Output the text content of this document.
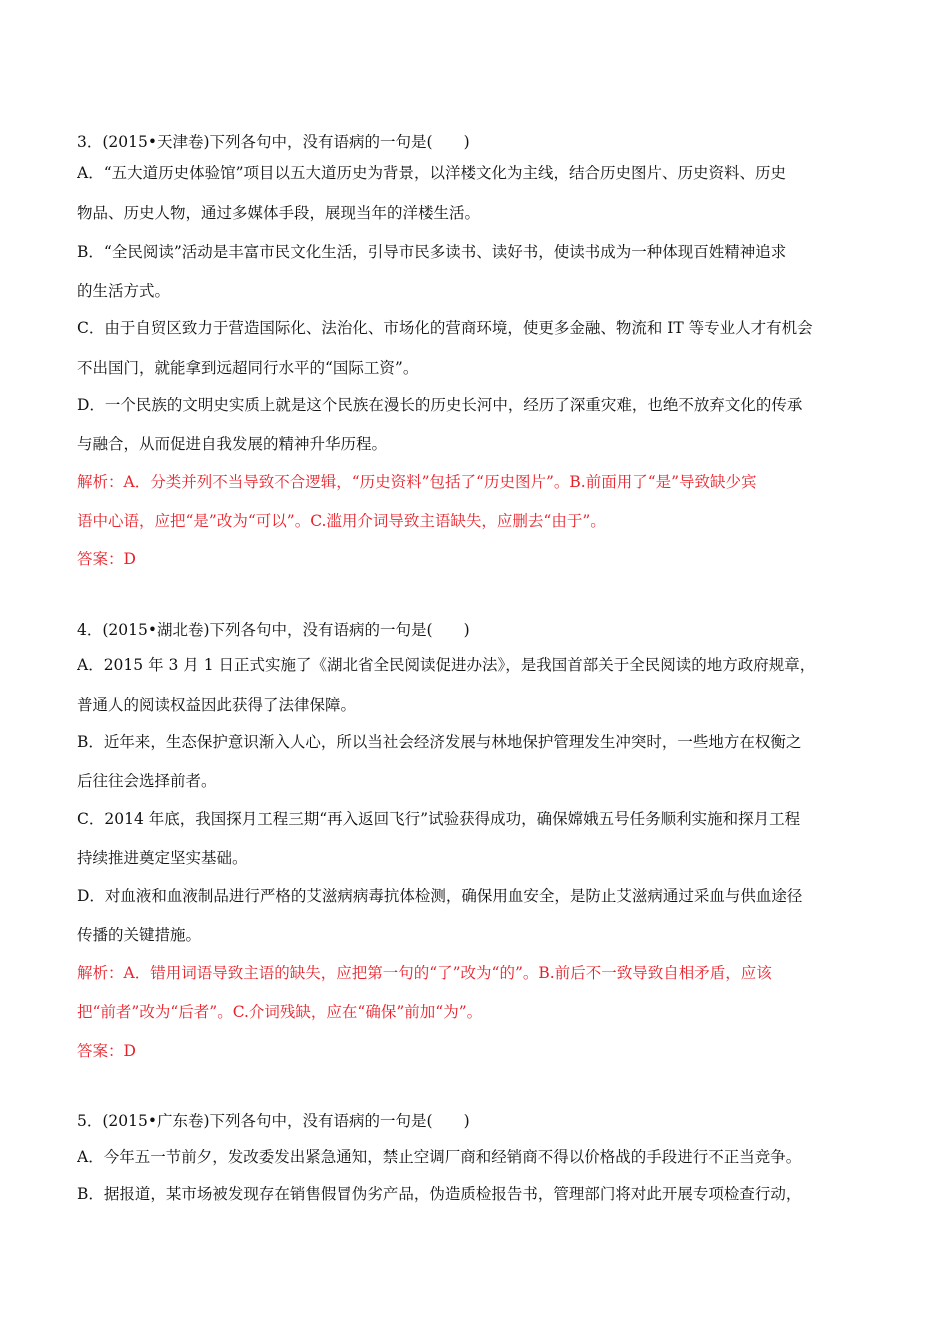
3．(2015•天津卷)下列各句中，没有语病的一句是(　　)
A．“五大道历史体验馆”项目以五大道历史为背景，以洋楼文化为主线，结合历史图片、历史资料、历史
物品、历史人物，通过多媒体手段，展现当年的洋楼生活。
B．“全民阅读”活动是丰富市民文化生活，引导市民多读书、读好书，使读书成为一种体现百姓精神追求
的生活方式。
C．由于自贸区致力于营造国际化、法治化、市场化的营商环境，使更多金融、物流和 IT 等专业人才有机会
不出国门，就能拿到远超同行水平的“国际工资”。
D．一个民族的文明史实质上就是这个民族在漫长的历史长河中，经历了深重灾难，也绝不放弃文化的传承
与融合，从而促进自我发展的精神升华历程。
解析：A．分类并列不当导致不合逻辑，“历史资料”包括了“历史图片”。B.前面用了“是”导致缺少宾
语中心语，应把“是”改为“可以”。C.滥用介词导致主语缺失，应删去“由于”。
答案：D
4．(2015•湖北卷)下列各句中，没有语病的一句是(　　)
A．2015 年 3 月 1 日正式实施了《湖北省全民阅读促进办法》，是我国首部关于全民阅读的地方政府规章，
普通人的阅读权益因此获得了法律保障。
B．近年来，生态保护意识渐入人心，所以当社会经济发展与林地保护管理发生冲突时，一些地方在权衡之
后往往会选择前者。
C．2014 年底，我国探月工程三期“再入返回飞行”试验获得成功，确保嫦娥五号任务顺利实施和探月工程
持续推进奠定坚实基础。
D．对血液和血液制品进行严格的艾滋病病毒抗体检测，确保用血安全，是防止艾滋病通过采血与供血途径
传播的关键措施。
解析：A．错用词语导致主语的缺失，应把第一句的“了”改为“的”。B.前后不一致导致自相矛盾，应该
把“前者”改为“后者”。C.介词残缺，应在“确保”前加“为”。
答案：D
5．(2015•广东卷)下列各句中，没有语病的一句是(　　)
A．今年五一节前夕，发改委发出紧急通知，禁止空调厂商和经销商不得以价格战的手段进行不正当竞争。
B．据报道，某市场被发现存在销售假冒伪劣产品，伪造质检报告书，管理部门将对此开展专项检查行动，
